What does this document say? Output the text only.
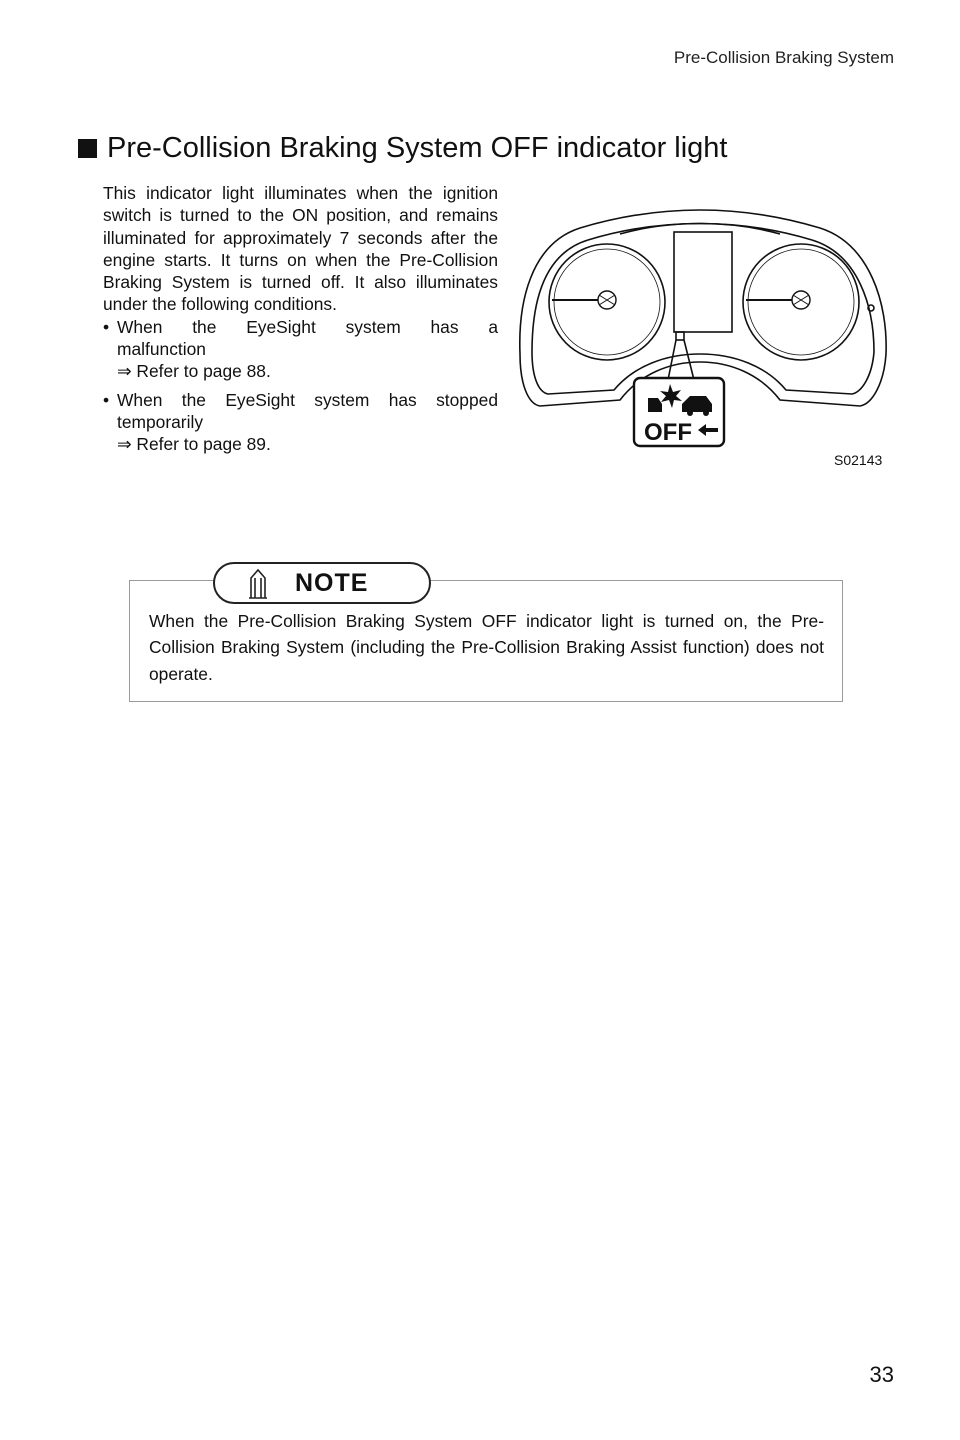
Pre-Collision Braking System
Pre-Collision Braking System OFF indicator light

This indicator light illuminates when the ignition switch is turned to the ON position, and remains illuminated for approximately 7 seconds after the engine starts. It turns on when the Pre-Collision Braking System is turned off. It also illuminates under the following conditions.

• When the EyeSight system has a
malfunction
⇒ Refer to page 88.
• When the EyeSight system has stopped
temporarily
⇒ Refer to page 89.	OFF
S02143
NOTE

When the Pre-Collision Braking System OFF indicator light is turned on, the Pre-Collision Braking System (including the Pre-Collision Braking Assist function) does not operate.

33
